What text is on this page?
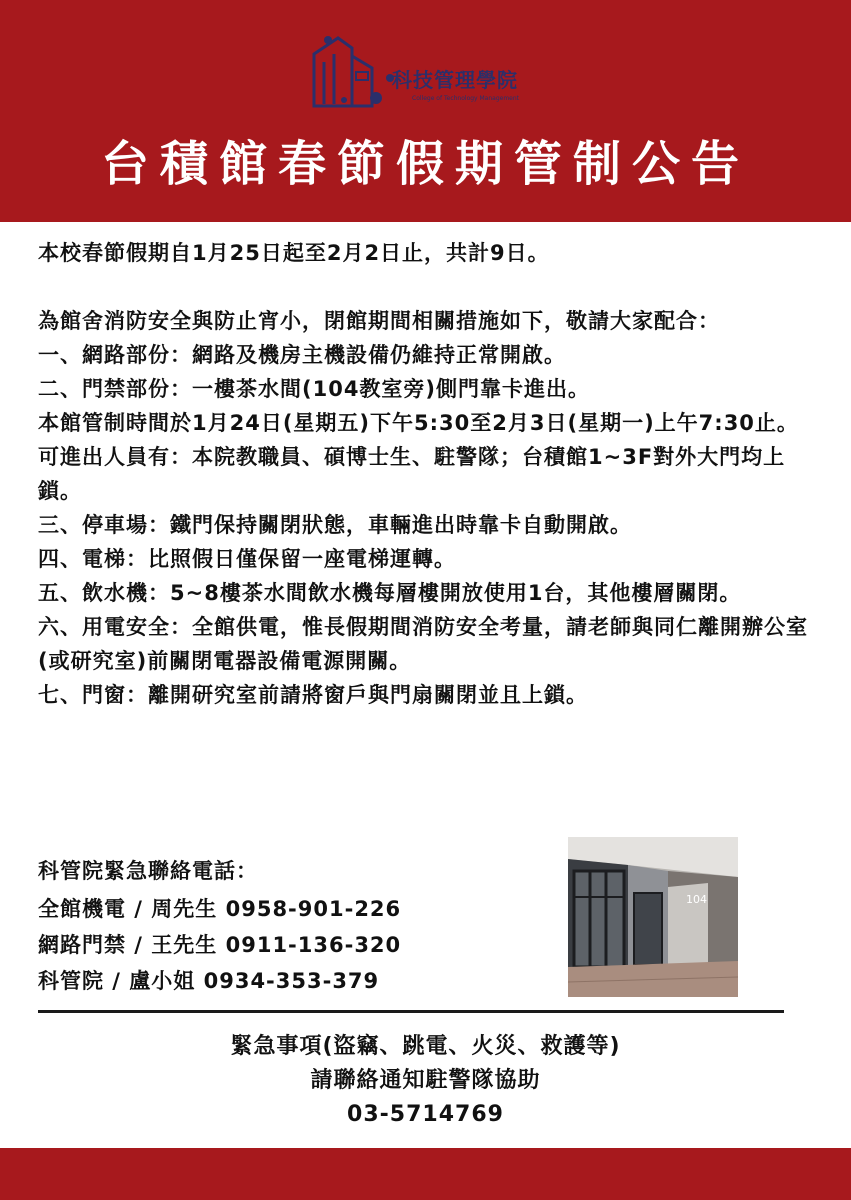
科技管理學院
College of Technology Management
台積館春節假期管制公告

本校春節假期自1月25日起至2月2日止，共計9日。

為館舍消防安全與防止宵小，閉館期間相關措施如下，敬請大家配合：

一、網路部份：網路及機房主機設備仍維持正常開啟。

二、門禁部份：一樓茶水間(104教室旁)側門靠卡進出。

本館管制時間於1月24日(星期五)下午5:30至2月3日(星期一)上午7:30止。

可進出人員有：本院教職員、碩博士生、駐警隊；台積館1~3F對外大門均上鎖。

三、停車場：鐵門保持關閉狀態，車輛進出時靠卡自動開啟。

四、電梯：比照假日僅保留一座電梯運轉。

五、飲水機：5~8樓茶水間飲水機每層樓開放使用1台，其他樓層關閉。

六、用電安全：全館供電，惟長假期間消防安全考量，請老師與同仁離開辦公室 (或研究室)前關閉電器設備電源開關。

七、門窗：離開研究室前請將窗戶與門扇關閉並且上鎖。

科管院緊急聯絡電話：

全館機電 / 周先生 0958-901-226

網路門禁 / 王先生 0911-136-320

科管院 / 盧小姐 0934-353-379

104

緊急事項(盜竊、跳電、火災、救護等)

請聯絡通知駐警隊協助

03-5714769
